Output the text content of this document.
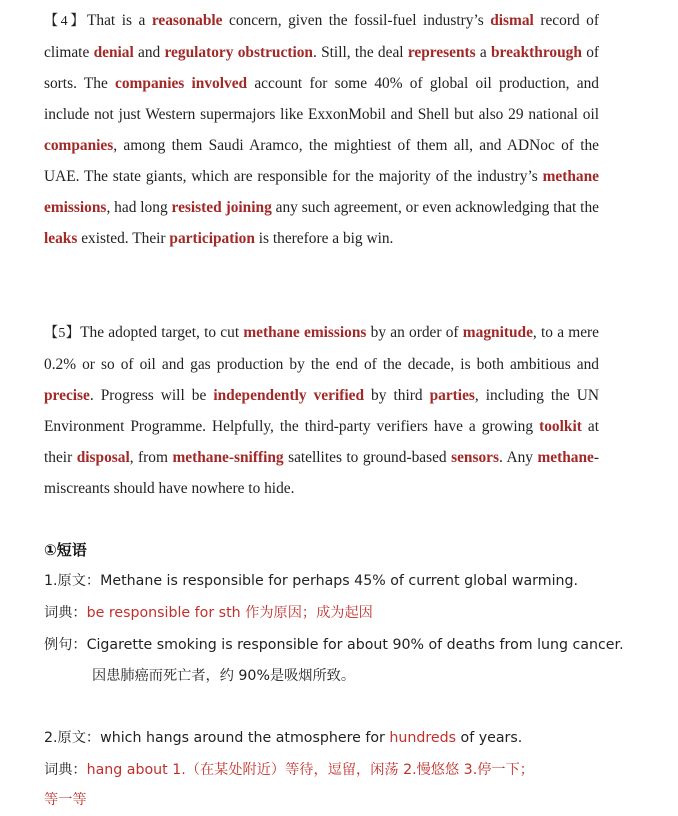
【4】That is a reasonable concern, given the fossil-fuel industry’s dismal record of climate denial and regulatory obstruction. Still, the deal represents a breakthrough of sorts. The companies involved account for some 40% of global oil production, and include not just Western supermajors like ExxonMobil and Shell but also 29 national oil companies, among them Saudi Aramco, the mightiest of them all, and ADNoc of the UAE. The state giants, which are responsible for the majority of the industry’s methane emissions, had long resisted joining any such agreement, or even acknowledging that the leaks existed. Their participation is therefore a big win.

【5】The adopted target, to cut methane emissions by an order of magnitude, to a mere 0.2% or so of oil and gas production by the end of the decade, is both ambitious and precise. Progress will be independently verified by third parties, including the UN Environment Programme. Helpfully, the third-party verifiers have a growing toolkit at their disposal, from methane-sniffing satellites to ground-based sensors. Any methane-miscreants should have nowhere to hide.

①短语
1.原文：Methane is responsible for perhaps 45% of current global warming.
词典：be responsible for sth 作为原因；成为起因
例句：Cigarette smoking is responsible for about 90% of deaths from lung cancer.
因患肺癌而死亡者，约 90%是吸烟所致。
2.原文：which hangs around the atmosphere for hundreds of years.
词典：hang about 1.（在某处附近）等待，逗留，闲荡 2.慢悠悠 3.停一下；
等一等
